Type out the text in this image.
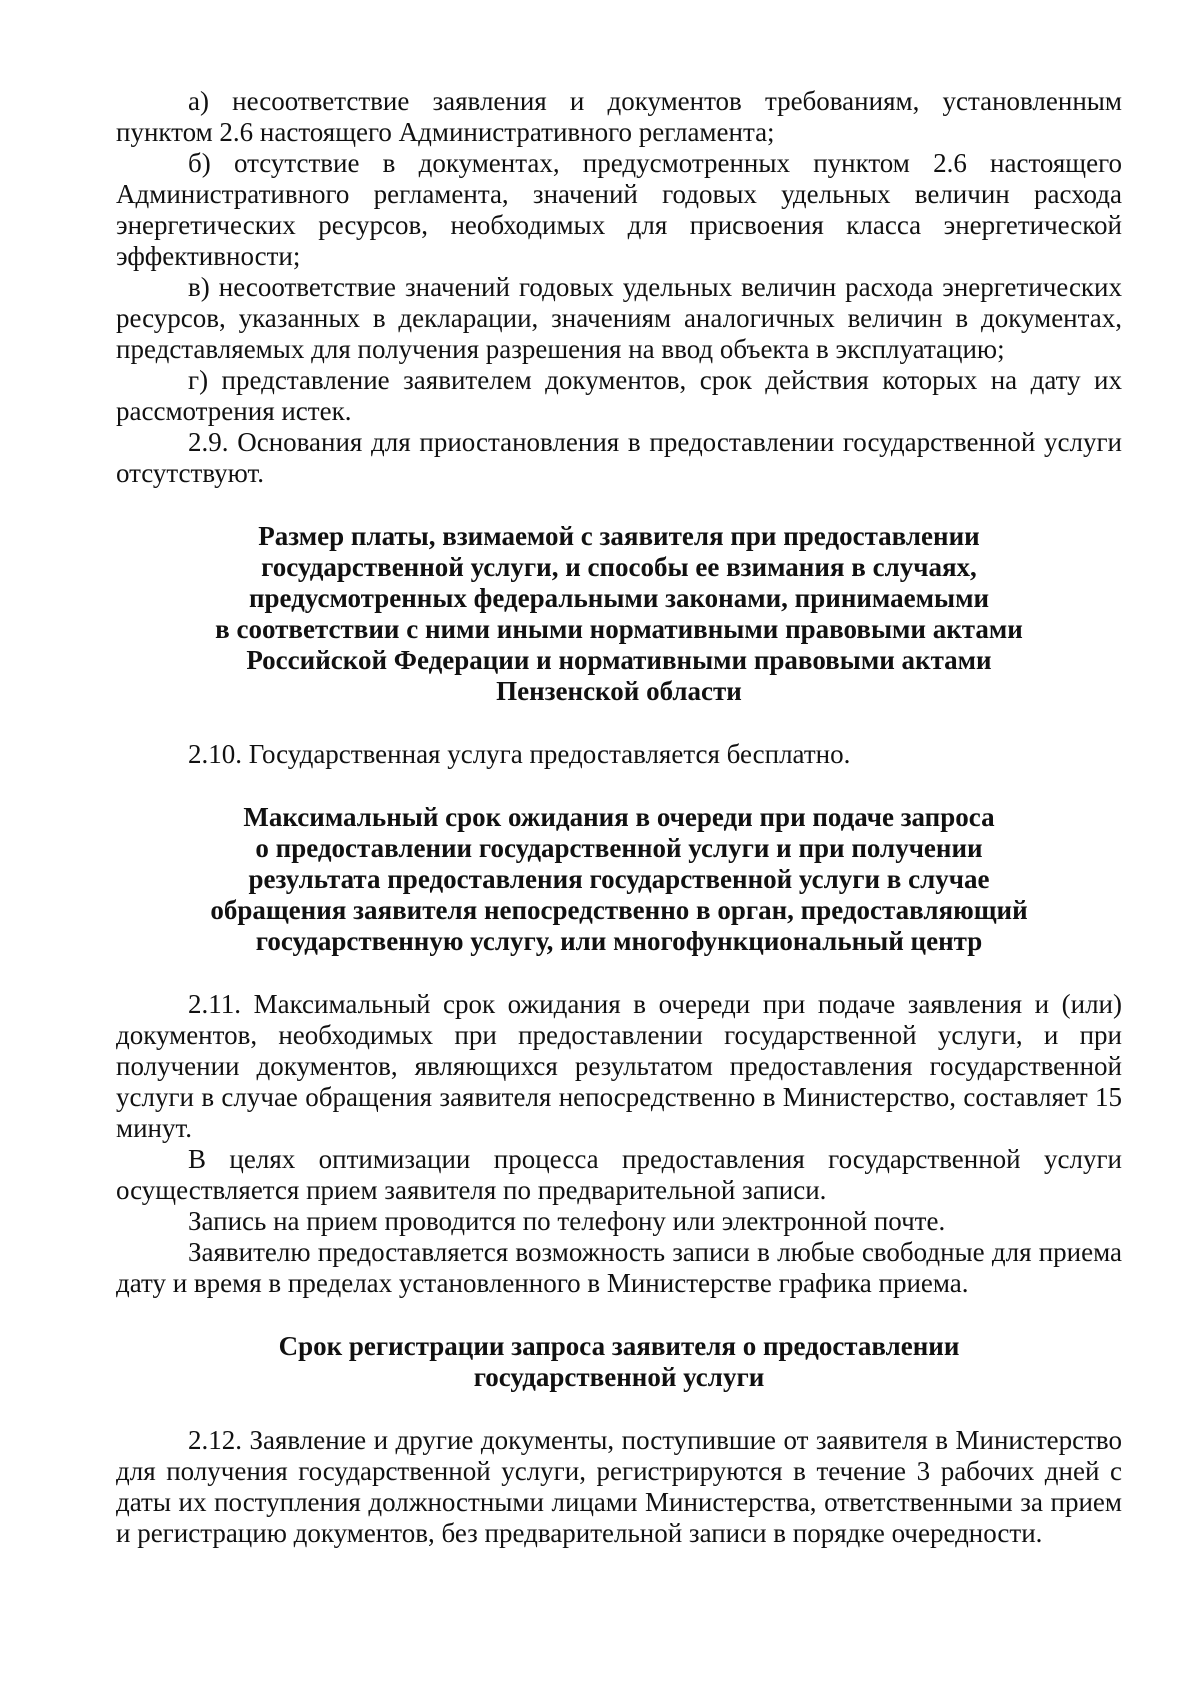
а) несоответствие заявления и документов требованиям, установленным пунктом 2.6 настоящего Административного регламента;

б) отсутствие в документах, предусмотренных пунктом 2.6 настоящего Административного регламента, значений годовых удельных величин расхода энергетических ресурсов, необходимых для присвоения класса энергетической эффективности;

в) несоответствие значений годовых удельных величин расхода энергетических ресурсов, указанных в декларации, значениям аналогичных величин в документах, представляемых для получения разрешения на ввод объекта в эксплуатацию;

г) представление заявителем документов, срок действия которых на дату их рассмотрения истек.

2.9. Основания для приостановления в предоставлении государственной услуги отсутствуют.

Размер платы, взимаемой с заявителя при предоставлении
государственной услуги, и способы ее взимания в случаях,
предусмотренных федеральными законами, принимаемыми
в соответствии с ними иными нормативными правовыми актами
Российской Федерации и нормативными правовыми актами
Пензенской области

2.10. Государственная услуга предоставляется бесплатно.

Максимальный срок ожидания в очереди при подаче запроса
о предоставлении государственной услуги и при получении
результата предоставления государственной услуги в случае
обращения заявителя непосредственно в орган, предоставляющий
государственную услугу, или многофункциональный центр

2.11. Максимальный срок ожидания в очереди при подаче заявления и (или) документов, необходимых при предоставлении государственной услуги, и при получении документов, являющихся результатом предоставления государственной услуги в случае обращения заявителя непосредственно в Министерство, составляет 15 минут.

В целях оптимизации процесса предоставления государственной услуги осуществляется прием заявителя по предварительной записи.

Запись на прием проводится по телефону или электронной почте.

Заявителю предоставляется возможность записи в любые свободные для приема дату и время в пределах установленного в Министерстве графика приема.

Срок регистрации запроса заявителя о предоставлении
государственной услуги

2.12. Заявление и другие документы, поступившие от заявителя в Министерство для получения государственной услуги, регистрируются в течение 3 рабочих дней с даты их поступления должностными лицами Министерства, ответственными за прием и регистрацию документов, без предварительной записи в порядке очередности.
